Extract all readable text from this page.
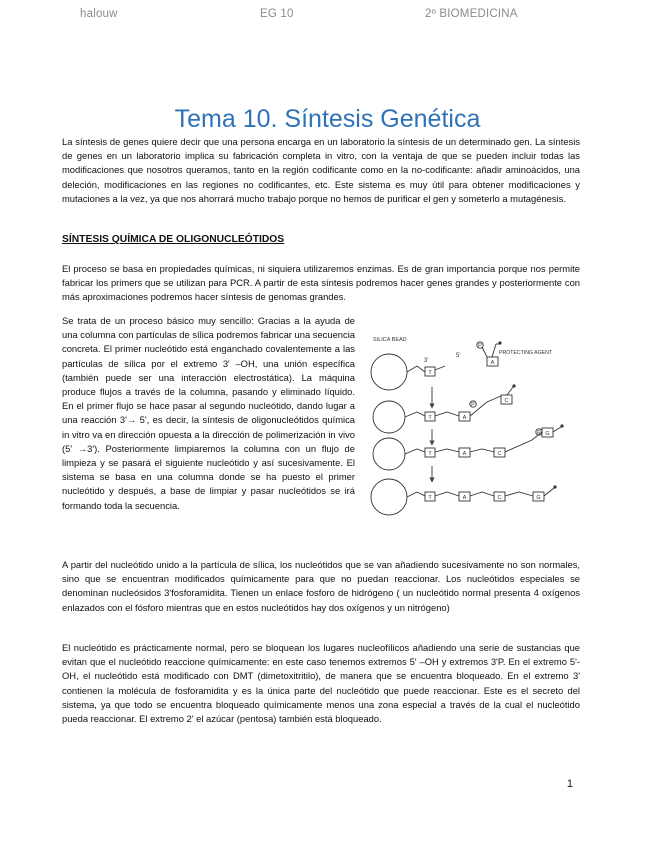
halouw	EG 10	2º BIOMEDICINA
Tema 10. Síntesis Genética

La síntesis de genes quiere decir que una persona encarga en un laboratorio la síntesis de un determinado gen. La síntesis de genes en un laboratorio implica su fabricación completa in vitro, con la ventaja de que se pueden incluir todas las modificaciones que nosotros queramos, tanto en la región codificante como en la no-codificante: añadir aminoácidos, una deleción, modificaciones en las regiones no codificantes, etc. Este sistema es muy útil para obtener modificaciones y mutaciones a la vez, ya que nos ahorrará mucho trabajo porque no hemos de purificar el gen y someterlo a mutagénesis.

SÍNTESIS QUÍMICA DE OLIGONUCLEÓTIDOS

El proceso se basa en propiedades químicas, ni siquiera utilizaremos enzimas. Es de gran importancia porque nos permite fabricar los primers que se utilizan para PCR. A partir de esta síntesis podremos hacer genes grandes y posteriormente con más aproximaciones podremos hacer síntesis de genomas grandes.

Se trata de un proceso básico muy sencillo: Gracias a la ayuda de una columna con partículas de sílica podremos fabricar una secuencia concreta. El primer nucleótido está enganchado covalentemente a las partículas de sílica por el extremo 3' –OH, una unión específica (también puede ser una interacción electrostática). La máquina produce flujos a través de la columna, pasando y eliminado líquido. En el primer flujo se hace pasar al segundo nucleótido, dando lugar a una reacción 3'→ 5', es decir, la síntesis de oligonucleótidos química in vitro va en dirección opuesta a la dirección de polimerización in vivo (5' →3'). Posteriormente limpiaremos la columna con un flujo de limpieza y se pasará el siguiente nucleótido y así sucesivamente. El sistema se basa en una columna donde se ha puesto el primer nucleótido y después, a base de limpiar y pasar nucleótidos se irá formando toda la secuencia.

SILICA BEAD
PROTECTING AGENT
3'
5'
P
P
P
T
A
T	A
C
T	A	C
G
T	A	C	G

A partir del nucleótido unido a la partícula de sílica, los nucleótidos que se van añadiendo sucesivamente no son normales, sino que se encuentran modificados químicamente para que no puedan reaccionar. Los nucleótidos especiales se denominan nucleósidos 3'fosforamidita. Tienen un enlace fosforo de hidrógeno ( un nucleótido normal presenta 4 oxígenos enlazados con el fósforo mientras que en estos nucleótidos hay dos oxígenos y un nitrógeno)

El nucleótido es prácticamente normal, pero se bloquean los lugares nucleofílicos añadiendo una serie de sustancias que evitan que el nucleótido reaccione químicamente: en este caso tenemos extremos 5' –OH y extremos 3'P. En el extremo 5'-OH, el nucleótido está modificado con DMT (dimetoxitritilo), de manera que se encuentra bloqueado. En el extremo 3' contienen la molécula de fosforamidita y es la única parte del nucleótido que puede reaccionar. Este es el secreto del sistema, ya que todo se encuentra bloqueado químicamente menos una zona especial a través de la cual el nucleótido pueda reaccionar. El extremo 2' el azúcar (pentosa) también está bloqueado.

1
